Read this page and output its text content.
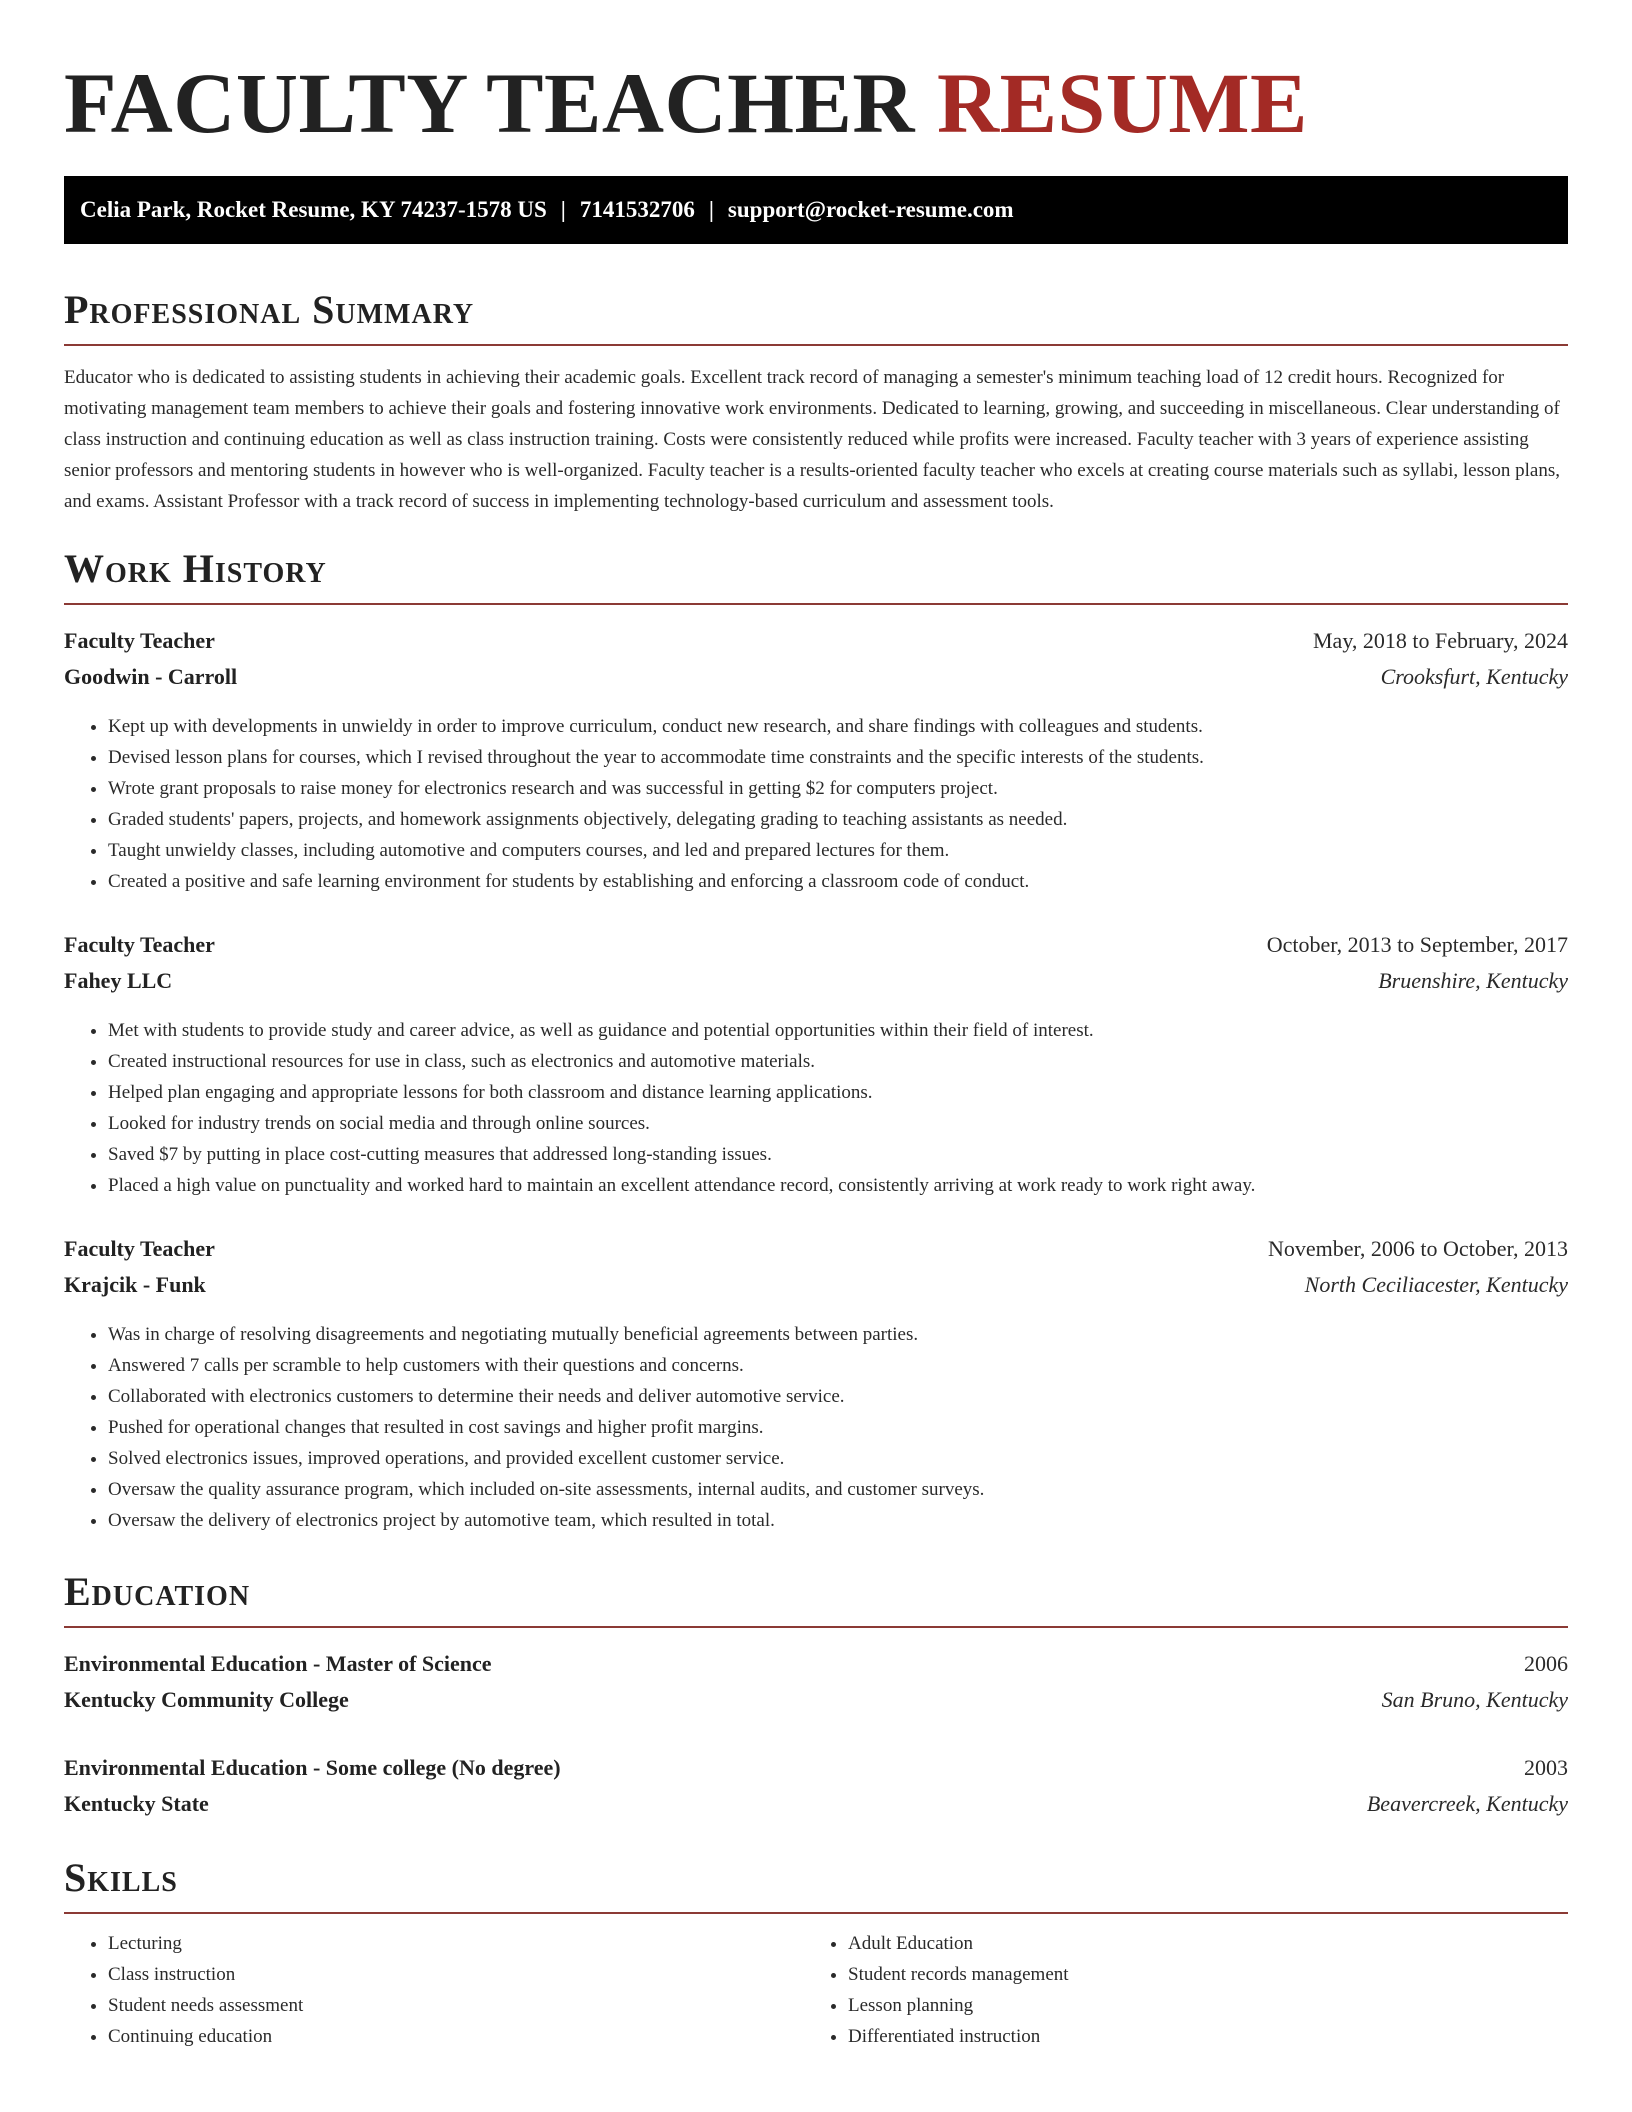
FACULTY TEACHER RESUME
Celia Park, Rocket Resume, KY 74237-1578 US | 7141532706 | support@rocket-resume.com
Professional Summary

Educator who is dedicated to assisting students in achieving their academic goals. Excellent track record of managing a semester's minimum teaching load of 12 credit hours. Recognized for motivating management team members to achieve their goals and fostering innovative work environments. Dedicated to learning, growing, and succeeding in miscellaneous. Clear understanding of class instruction and continuing education as well as class instruction training. Costs were consistently reduced while profits were increased. Faculty teacher with 3 years of experience assisting senior professors and mentoring students in however who is well-organized. Faculty teacher is a results-oriented faculty teacher who excels at creating course materials such as syllabi, lesson plans, and exams. Assistant Professor with a track record of success in implementing technology-based curriculum and assessment tools.

Work History
Faculty Teacher	May, 2018 to February, 2024
Goodwin - Carroll	Crooksfurt, Kentucky
• Kept up with developments in unwieldy in order to improve curriculum, conduct new research, and share findings with colleagues and students.
• Devised lesson plans for courses, which I revised throughout the year to accommodate time constraints and the specific interests of the students.
• Wrote grant proposals to raise money for electronics research and was successful in getting $2 for computers project.
• Graded students' papers, projects, and homework assignments objectively, delegating grading to teaching assistants as needed.
• Taught unwieldy classes, including automotive and computers courses, and led and prepared lectures for them.
• Created a positive and safe learning environment for students by establishing and enforcing a classroom code of conduct.
Faculty Teacher	October, 2013 to September, 2017
Fahey LLC	Bruenshire, Kentucky
• Met with students to provide study and career advice, as well as guidance and potential opportunities within their field of interest.
• Created instructional resources for use in class, such as electronics and automotive materials.
• Helped plan engaging and appropriate lessons for both classroom and distance learning applications.
• Looked for industry trends on social media and through online sources.
• Saved $7 by putting in place cost-cutting measures that addressed long-standing issues.
• Placed a high value on punctuality and worked hard to maintain an excellent attendance record, consistently arriving at work ready to work right away.
Faculty Teacher	November, 2006 to October, 2013
Krajcik - Funk	North Ceciliacester, Kentucky
• Was in charge of resolving disagreements and negotiating mutually beneficial agreements between parties.
• Answered 7 calls per scramble to help customers with their questions and concerns.
• Collaborated with electronics customers to determine their needs and deliver automotive service.
• Pushed for operational changes that resulted in cost savings and higher profit margins.
• Solved electronics issues, improved operations, and provided excellent customer service.
• Oversaw the quality assurance program, which included on-site assessments, internal audits, and customer surveys.
• Oversaw the delivery of electronics project by automotive team, which resulted in total.
Education
Environmental Education - Master of Science	2006
Kentucky Community College	San Bruno, Kentucky
Environmental Education - Some college (No degree)	2003
Kentucky State	Beavercreek, Kentucky
Skills
• Lecturing
• Class instruction
• Student needs assessment
• Continuing education
• Adult Education
• Student records management
• Lesson planning
• Differentiated instruction
